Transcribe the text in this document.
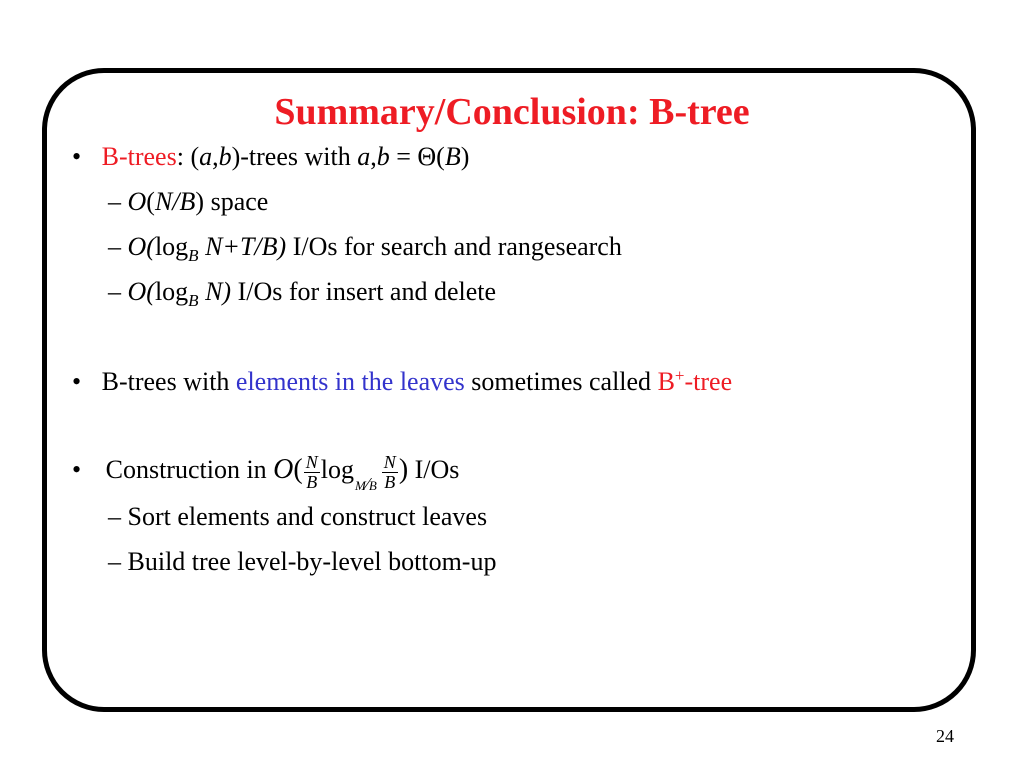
Summary/Conclusion: B-tree
• B-trees: (a,b)-trees with a,b = Θ(B)
– O(N/B) space
– $O(\log_B$ N+T/B) I/Os for search and rangesearch
– $O(\log_B$ N) I/Os for insert and delete
• B-trees with elements in the leaves sometimes called B+-tree
• Construction in $O( \frac{N}{B}$ logM⁄B $\frac{N}{B}$ ) I/Os
– Sort elements and construct leaves
– Build tree level-by-level bottom-up
24
